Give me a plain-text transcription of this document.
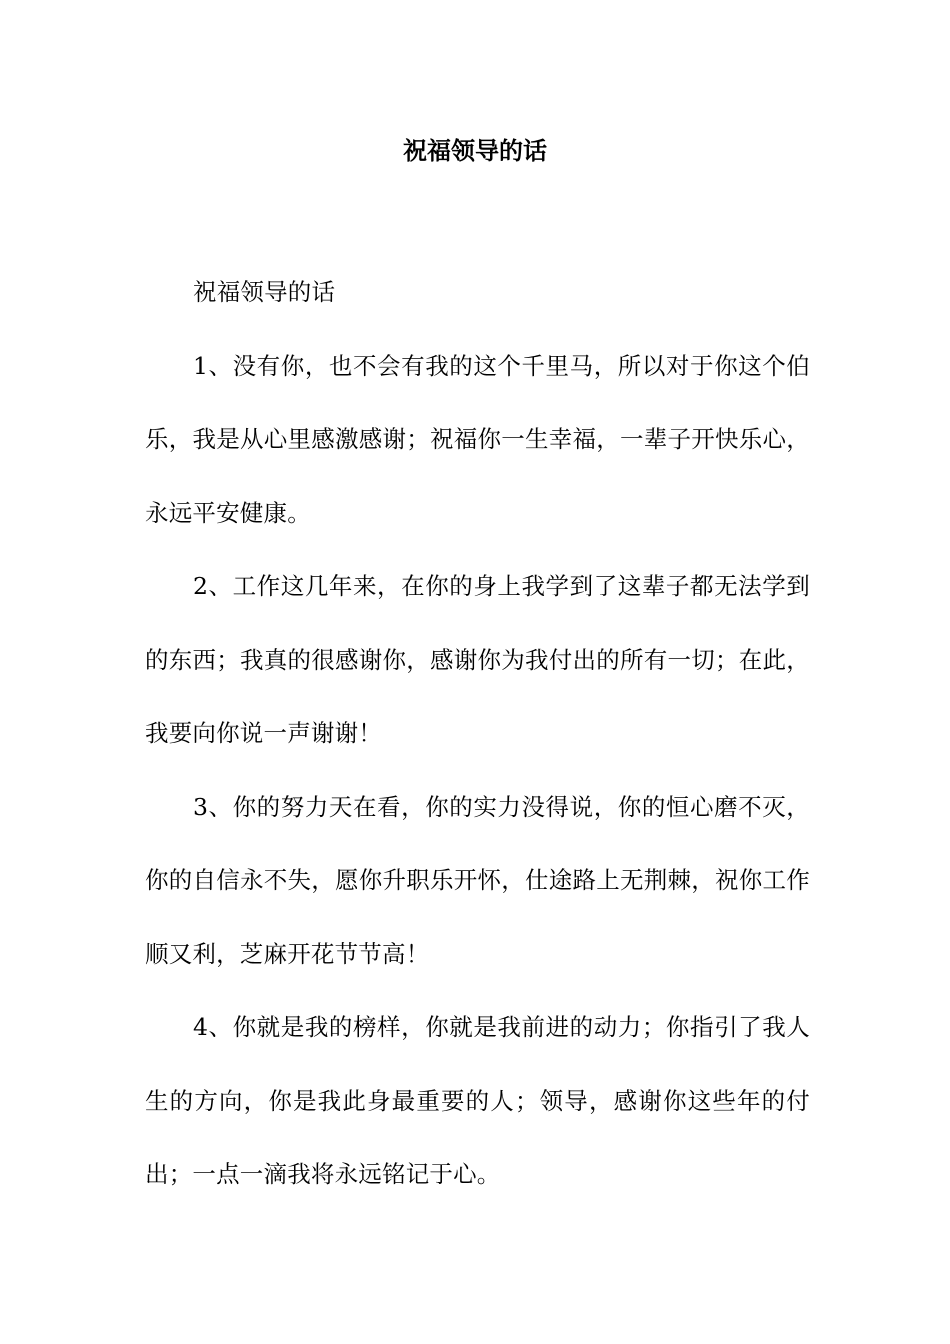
祝福领导的话

祝福领导的话

1、没有你，也不会有我的这个千里马，所以对于你这个伯乐，我是从心里感激感谢；祝福你一生幸福，一辈子开快乐心，永远平安健康。

2、工作这几年来，在你的身上我学到了这辈子都无法学到的东西；我真的很感谢你，感谢你为我付出的所有一切；在此，我要向你说一声谢谢！

3、你的努力天在看，你的实力没得说，你的恒心磨不灭，你的自信永不失，愿你升职乐开怀，仕途路上无荆棘，祝你工作顺又利，芝麻开花节节高！

4、你就是我的榜样，你就是我前进的动力；你指引了我人生的方向，你是我此身最重要的人；领导，感谢你这些年的付出；一点一滴我将永远铭记于心。
